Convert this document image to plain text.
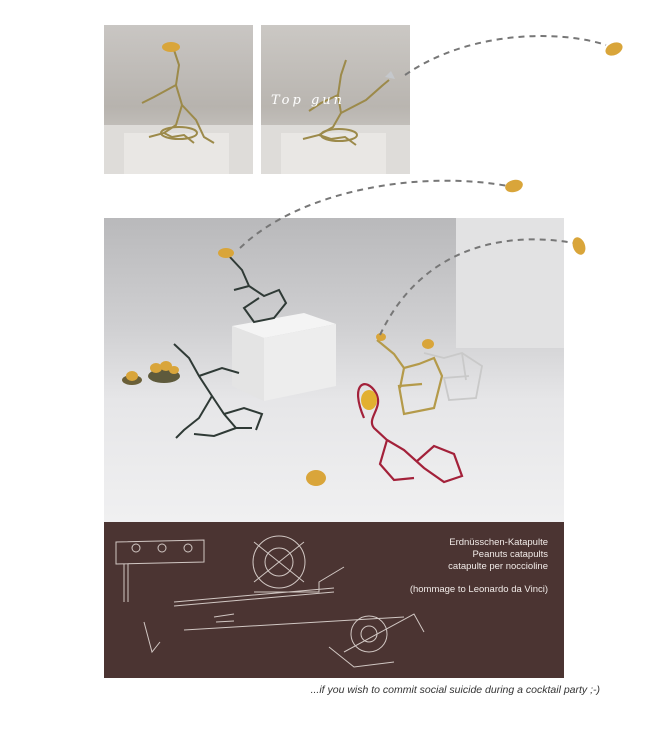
Top gun
Erdnüsschen-Katapulte
Peanuts catapults
catapulte per noccioline
(hommage to Leonardo da Vinci)
...if you wish to commit social suicide during a cocktail party ;-)
